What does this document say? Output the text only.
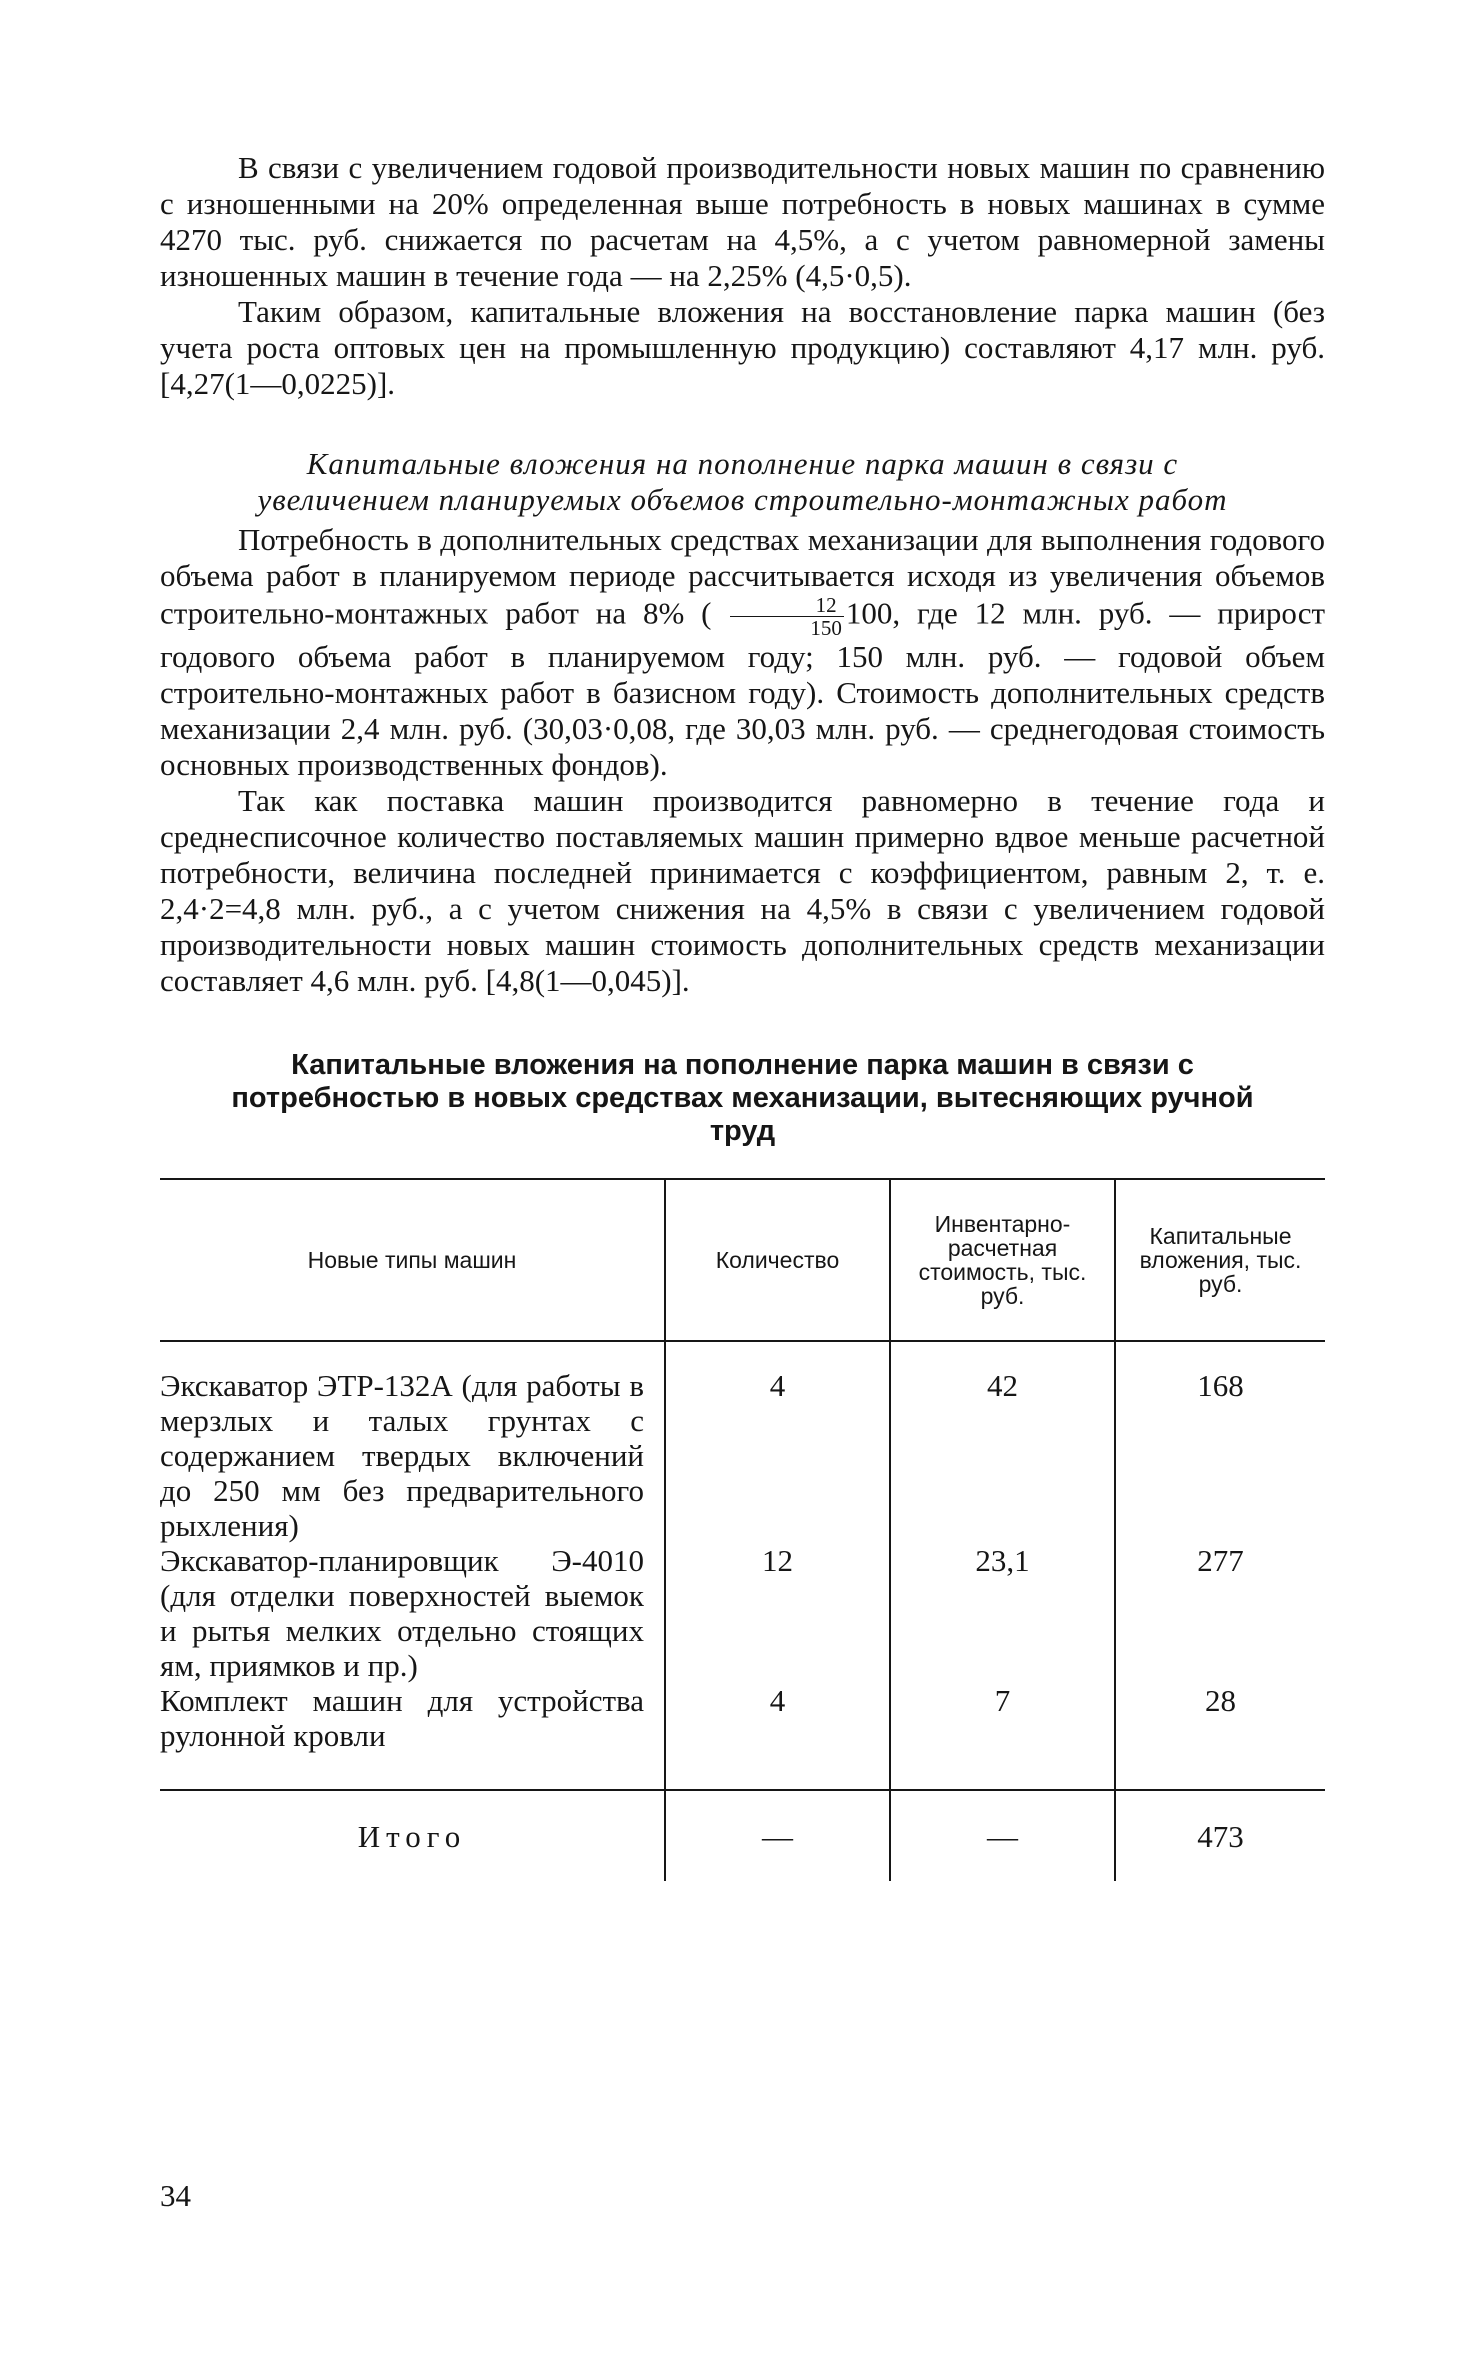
В связи с увеличением годовой производительности новых машин по сравнению с изношенными на 20% определенная выше потребность в новых машинах в сумме 4270 тыс. руб. снижается по расчетам на 4,5%, а с учетом равномерной замены изношенных машин в течение года — на 2,25% (4,5·0,5).

Таким образом, капитальные вложения на восстановление парка машин (без учета роста оптовых цен на промышленную продукцию) составляют 4,17 млн. руб. [4,27(1—0,0225)].

Капитальные вложения на пополнение парка машин в связи с увеличением планируемых объемов строительно-монтажных работ

Потребность в дополнительных средствах механизации для выполнения годового объема работ в планируемом периоде рассчитывается исходя из увеличения объемов строительно-монтажных работ на 8% ( $\frac{12}{150} 100$, где 12 млн. руб. — прирост годового объема работ в планируемом году; 150 млн. руб. — годовой объем строительно-монтажных работ в базисном году). Стоимость дополнительных средств механизации 2,4 млн. руб. (30,03·0,08, где 30,03 млн. руб. — среднегодовая стоимость основных производственных фондов).

Так как поставка машин производится равномерно в течение года и среднесписочное количество поставляемых машин примерно вдвое меньше расчетной потребности, величина последней принимается с коэффициентом, равным 2, т. е. 2,4·2=4,8 млн. руб., а с учетом снижения на 4,5% в связи с увеличением годовой производительности новых машин стоимость дополнительных средств механизации составляет 4,6 млн. руб. [4,8(1—0,045)].

Капитальные вложения на пополнение парка машин в связи с потребностью в новых средствах механизации, вытесняющих ручной труд
Новые типы машин	Количество	Инвентарно-расчетная стоимость, тыс. руб.	Капитальные вложения, тыс. руб.
Экскаватор ЭТР-132А (для работы в мерзлых и талых грунтах с содержанием твердых включений до 250 мм без предварительного рыхления)	4	42	168
Экскаватор-планировщик Э-4010 (для отделки поверхностей выемок и рытья мелких отдельно стоящих ям, приямков и пр.)	12	23,1	277
Комплект машин для устройства рулонной кровли	4	7	28

Итого	—	—	473
34
